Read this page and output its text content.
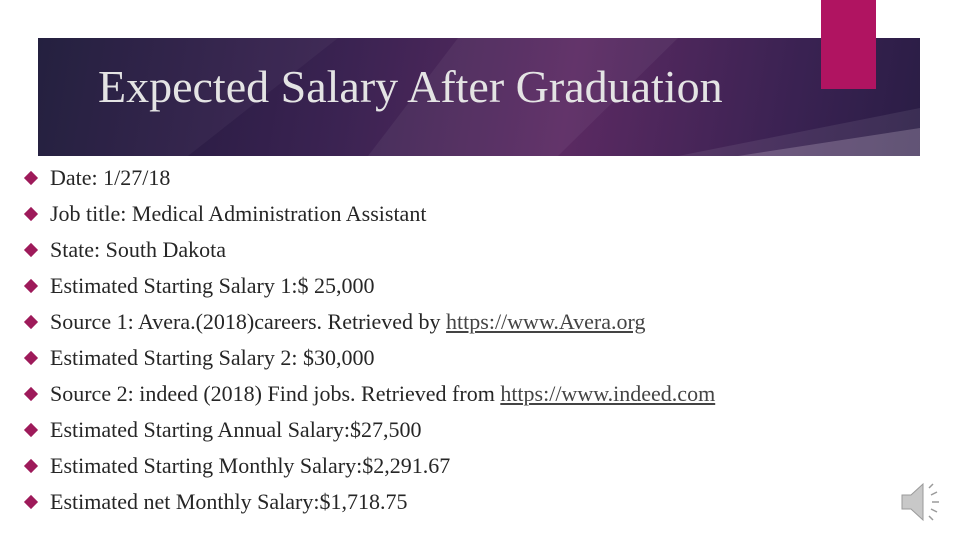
Expected Salary After Graduation
Date: 1/27/18
Job title: Medical Administration Assistant
State: South Dakota
Estimated Starting Salary 1:$ 25,000
Source 1: Avera.(2018)careers. Retrieved by https://www.Avera.org
Estimated Starting Salary 2: $30,000
Source 2: indeed (2018) Find jobs. Retrieved from https://www.indeed.com
Estimated Starting Annual Salary:$27,500
Estimated Starting Monthly Salary:$2,291.67
Estimated net Monthly Salary:$1,718.75
